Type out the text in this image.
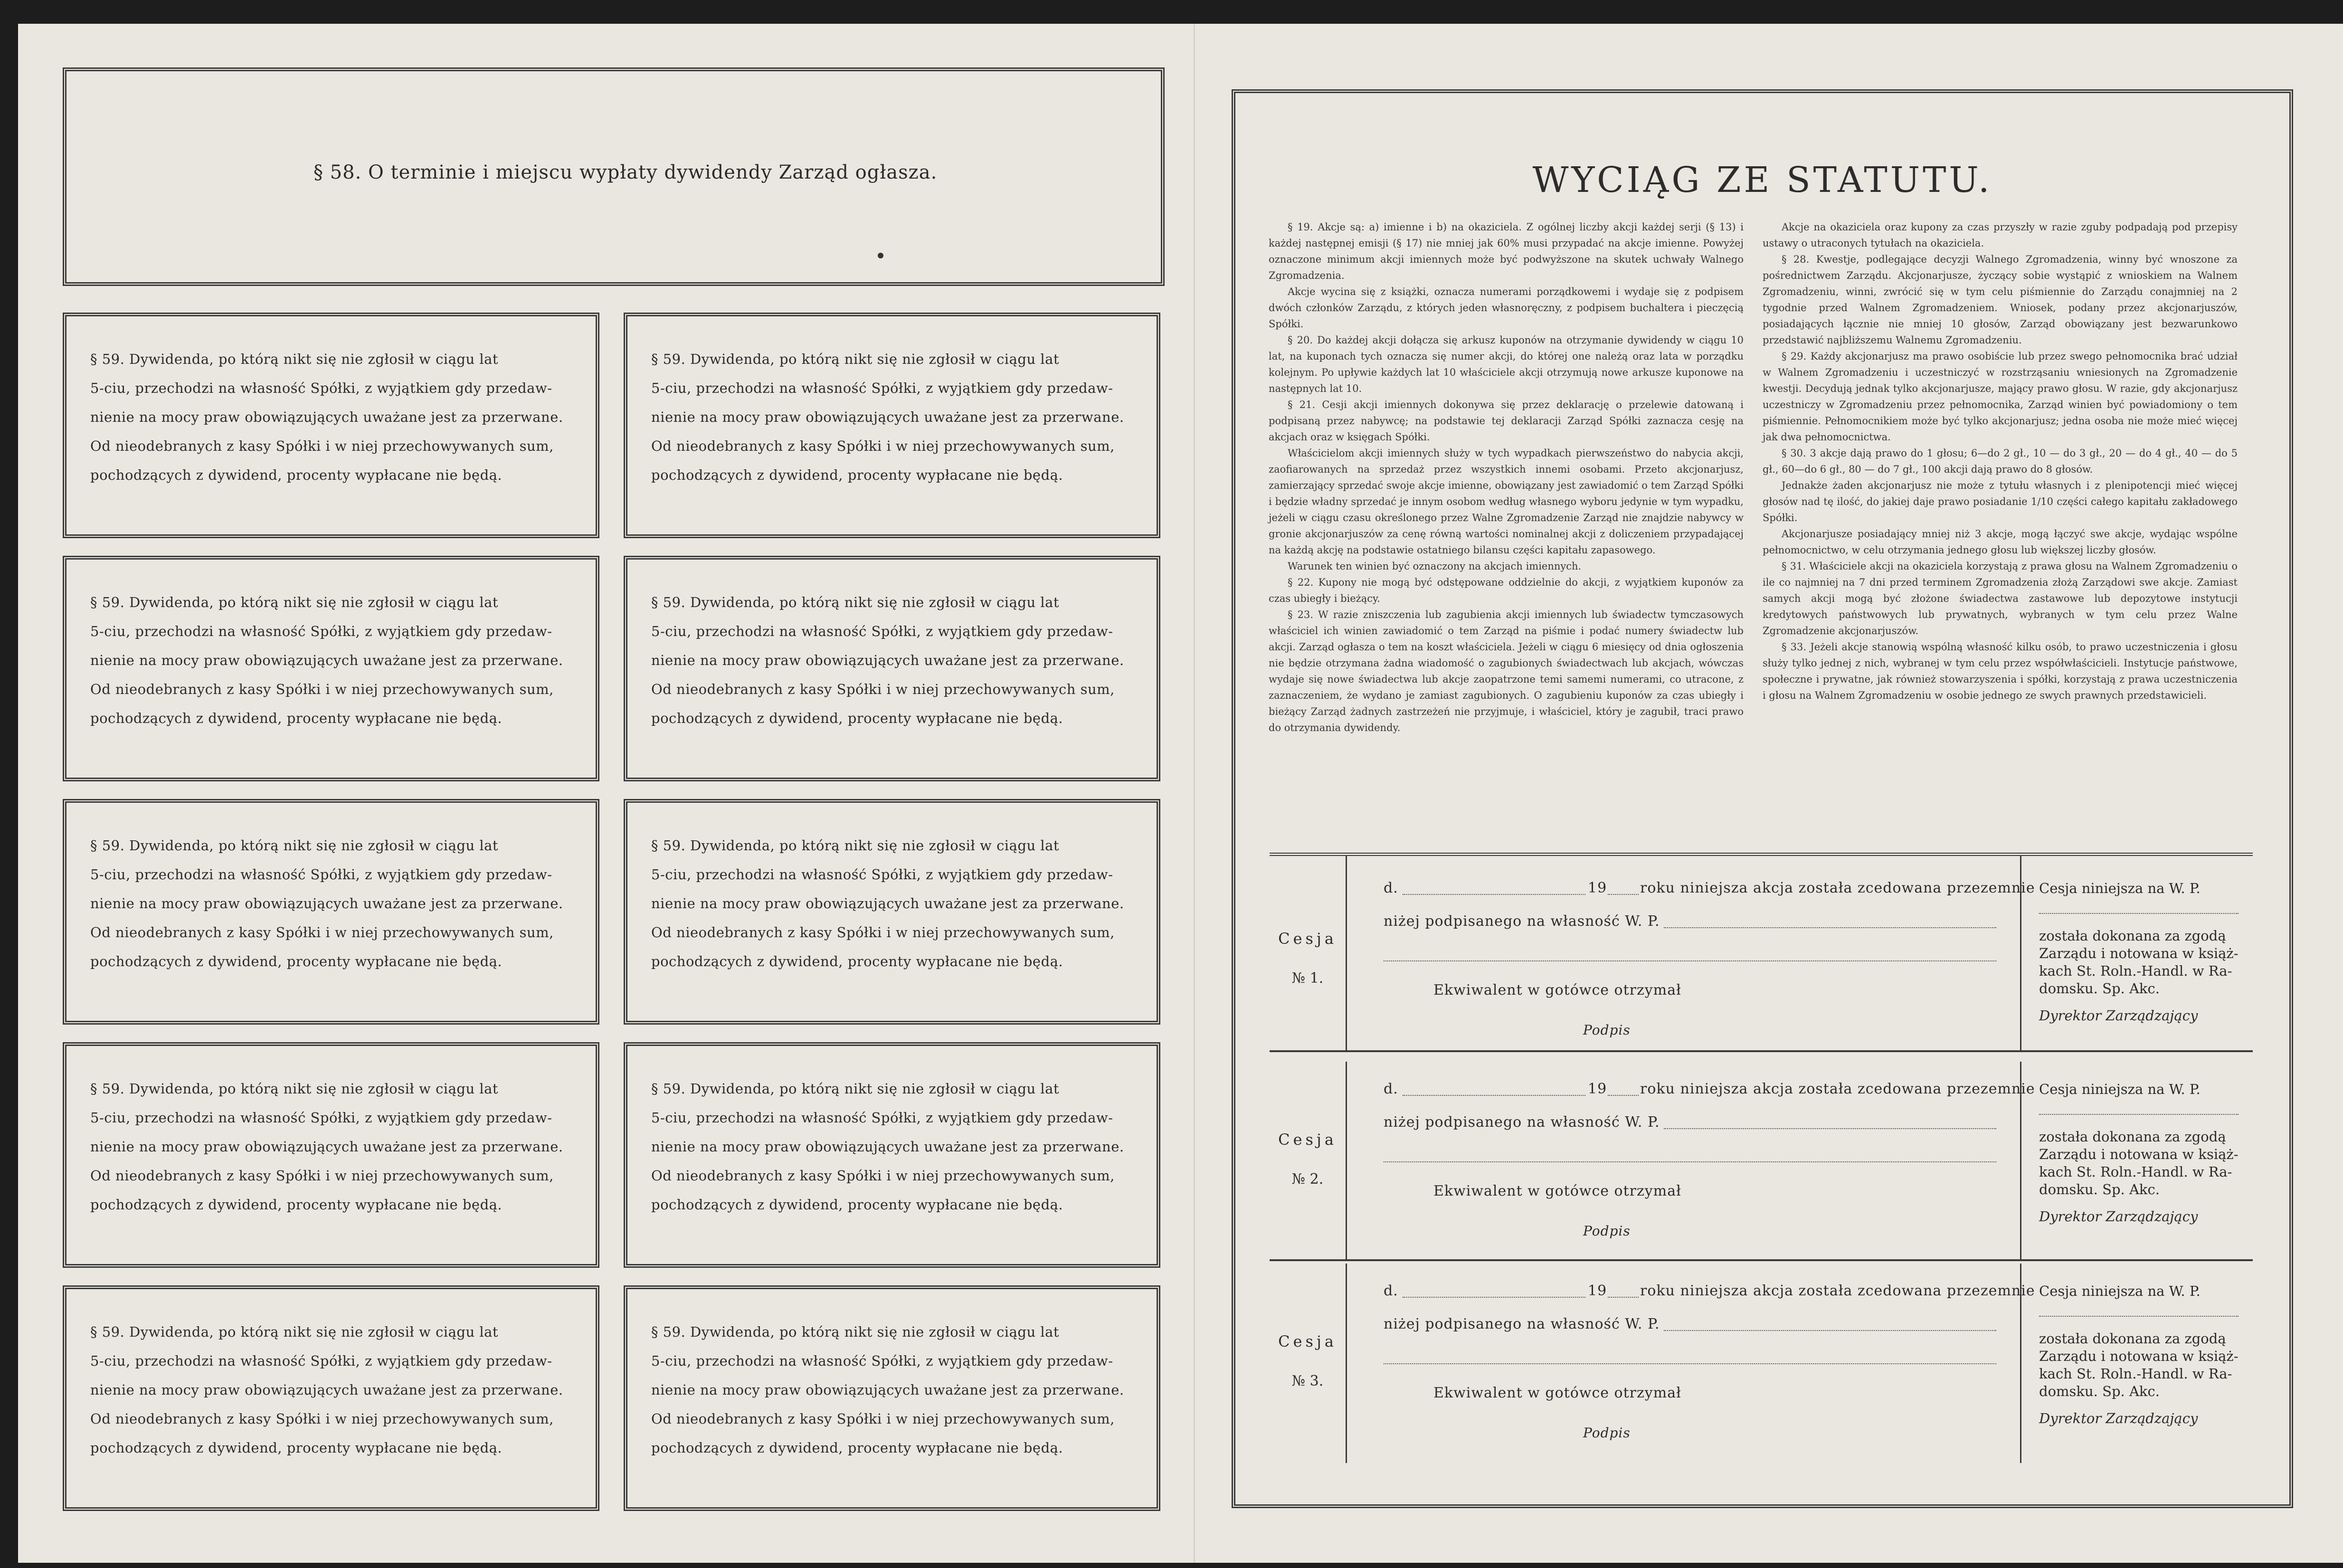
§ 58. O terminie i miejscu wypłaty dywidendy Zarząd ogłasza.
§ 59. Dywidenda, po którą nikt się nie zgłosił w ciągu lat
5-ciu, przechodzi na własność Spółki, z wyjątkiem gdy przedaw-
nienie na mocy praw obowiązujących uważane jest za przerwane.
Od nieodebranych z kasy Spółki i w niej przechowywanych sum,
pochodzących z dywidend, procenty wypłacane nie będą.
§ 59. Dywidenda, po którą nikt się nie zgłosił w ciągu lat
5-ciu, przechodzi na własność Spółki, z wyjątkiem gdy przedaw-
nienie na mocy praw obowiązujących uważane jest za przerwane.
Od nieodebranych z kasy Spółki i w niej przechowywanych sum,
pochodzących z dywidend, procenty wypłacane nie będą.
§ 59. Dywidenda, po którą nikt się nie zgłosił w ciągu lat
5-ciu, przechodzi na własność Spółki, z wyjątkiem gdy przedaw-
nienie na mocy praw obowiązujących uważane jest za przerwane.
Od nieodebranych z kasy Spółki i w niej przechowywanych sum,
pochodzących z dywidend, procenty wypłacane nie będą.
§ 59. Dywidenda, po którą nikt się nie zgłosił w ciągu lat
5-ciu, przechodzi na własność Spółki, z wyjątkiem gdy przedaw-
nienie na mocy praw obowiązujących uważane jest za przerwane.
Od nieodebranych z kasy Spółki i w niej przechowywanych sum,
pochodzących z dywidend, procenty wypłacane nie będą.
§ 59. Dywidenda, po którą nikt się nie zgłosił w ciągu lat
5-ciu, przechodzi na własność Spółki, z wyjątkiem gdy przedaw-
nienie na mocy praw obowiązujących uważane jest za przerwane.
Od nieodebranych z kasy Spółki i w niej przechowywanych sum,
pochodzących z dywidend, procenty wypłacane nie będą.
§ 59. Dywidenda, po którą nikt się nie zgłosił w ciągu lat
5-ciu, przechodzi na własność Spółki, z wyjątkiem gdy przedaw-
nienie na mocy praw obowiązujących uważane jest za przerwane.
Od nieodebranych z kasy Spółki i w niej przechowywanych sum,
pochodzących z dywidend, procenty wypłacane nie będą.
§ 59. Dywidenda, po którą nikt się nie zgłosił w ciągu lat
5-ciu, przechodzi na własność Spółki, z wyjątkiem gdy przedaw-
nienie na mocy praw obowiązujących uważane jest za przerwane.
Od nieodebranych z kasy Spółki i w niej przechowywanych sum,
pochodzących z dywidend, procenty wypłacane nie będą.
§ 59. Dywidenda, po którą nikt się nie zgłosił w ciągu lat
5-ciu, przechodzi na własność Spółki, z wyjątkiem gdy przedaw-
nienie na mocy praw obowiązujących uważane jest za przerwane.
Od nieodebranych z kasy Spółki i w niej przechowywanych sum,
pochodzących z dywidend, procenty wypłacane nie będą.
§ 59. Dywidenda, po którą nikt się nie zgłosił w ciągu lat
5-ciu, przechodzi na własność Spółki, z wyjątkiem gdy przedaw-
nienie na mocy praw obowiązujących uważane jest za przerwane.
Od nieodebranych z kasy Spółki i w niej przechowywanych sum,
pochodzących z dywidend, procenty wypłacane nie będą.
§ 59. Dywidenda, po którą nikt się nie zgłosił w ciągu lat
5-ciu, przechodzi na własność Spółki, z wyjątkiem gdy przedaw-
nienie na mocy praw obowiązujących uważane jest za przerwane.
Od nieodebranych z kasy Spółki i w niej przechowywanych sum,
pochodzących z dywidend, procenty wypłacane nie będą.
WYCIĄG ZE STATUTU.

§ 19. Akcje są: a) imienne i b) na okaziciela. Z ogólnej liczby akcji każdej serji (§ 13) i każdej następnej emisji (§ 17) nie mniej jak 60% musi przypadać na akcje imienne. Powyżej oznaczone minimum akcji imiennych może być podwyższone na skutek uchwały Walnego Zgromadzenia.

Akcje wycina się z książki, oznacza numerami porządkowemi i wydaje się z podpisem dwóch członków Zarządu, z których jeden własnoręczny, z podpisem buchaltera i pieczęcią Spółki.

§ 20. Do każdej akcji dołącza się arkusz kuponów na otrzymanie dywidendy w ciągu 10 lat, na kuponach tych oznacza się numer akcji, do której one należą oraz lata w porządku kolejnym. Po upływie każdych lat 10 właściciele akcji otrzymują nowe arkusze kuponowe na następnych lat 10.

§ 21. Cesji akcji imiennych dokonywa się przez deklarację o przelewie datowaną i podpisaną przez nabywcę; na podstawie tej deklaracji Zarząd Spółki zaznacza cesję na akcjach oraz w księgach Spółki.

Właścicielom akcji imiennych służy w tych wypadkach pierwszeństwo do nabycia akcji, zaofiarowanych na sprzedaż przez wszystkich innemi osobami. Przeto akcjonarjusz, zamierzający sprzedać swoje akcje imienne, obowiązany jest zawiadomić o tem Zarząd Spółki i będzie władny sprzedać je innym osobom według własnego wyboru jedynie w tym wypadku, jeżeli w ciągu czasu określonego przez Walne Zgromadzenie Zarząd nie znajdzie nabywcy w gronie akcjonarjuszów za cenę równą wartości nominalnej akcji z doliczeniem przypadającej na każdą akcję na podstawie ostatniego bilansu części kapitału zapasowego.

Warunek ten winien być oznaczony na akcjach imiennych.

§ 22. Kupony nie mogą być odstępowane oddzielnie do akcji, z wyjątkiem kuponów za czas ubiegły i bieżący.

§ 23. W razie zniszczenia lub zagubienia akcji imiennych lub świadectw tymczasowych właściciel ich winien zawiadomić o tem Zarząd na piśmie i podać numery świadectw lub akcji. Zarząd ogłasza o tem na koszt właściciela. Jeżeli w ciągu 6 miesięcy od dnia ogłoszenia nie będzie otrzymana żadna wiadomość o zagubionych świadectwach lub akcjach, wówczas wydaje się nowe świadectwa lub akcje zaopatrzone temi samemi numerami, co utracone, z zaznaczeniem, że wydano je zamiast zagubionych. O zagubieniu kuponów za czas ubiegły i bieżący Zarząd żadnych zastrzeżeń nie przyjmuje, i właściciel, który je zagubił, traci prawo do otrzymania dywidendy.

Akcje na okaziciela oraz kupony za czas przyszły w razie zguby podpadają pod przepisy ustawy o utraconych tytułach na okaziciela.

§ 28. Kwestje, podlegające decyzji Walnego Zgromadzenia, winny być wnoszone za pośrednictwem Zarządu. Akcjonarjusze, życzący sobie wystąpić z wnioskiem na Walnem Zgromadzeniu, winni, zwrócić się w tym celu piśmiennie do Zarządu conajmniej na 2 tygodnie przed Walnem Zgromadzeniem. Wniosek, podany przez akcjonarjuszów, posiadających łącznie nie mniej 10 głosów, Zarząd obowiązany jest bezwarunkowo przedstawić najbliższemu Walnemu Zgromadzeniu.

§ 29. Każdy akcjonarjusz ma prawo osobiście lub przez swego pełnomocnika brać udział w Walnem Zgromadzeniu i uczestniczyć w rozstrząsaniu wniesionych na Zgromadzenie kwestji. Decydują jednak tylko akcjonarjusze, mający prawo głosu. W razie, gdy akcjonarjusz uczestniczy w Zgromadzeniu przez pełnomocnika, Zarząd winien być powiadomiony o tem piśmiennie. Pełnomocnikiem może być tylko akcjonarjusz; jedna osoba nie może mieć więcej jak dwa pełnomocnictwa.

§ 30. 3 akcje dają prawo do 1 głosu; 6—do 2 gł., 10 — do 3 gł., 20 — do 4 gł., 40 — do 5 gł., 60—do 6 gł., 80 — do 7 gł., 100 akcji dają prawo do 8 głosów.

Jednakże żaden akcjonarjusz nie może z tytułu własnych i z plenipotencji mieć więcej głosów nad tę ilość, do jakiej daje prawo posiadanie 1/10 części całego kapitału zakładowego Spółki.

Akcjonarjusze posiadający mniej niż 3 akcje, mogą łączyć swe akcje, wydając wspólne pełnomocnictwo, w celu otrzymania jednego głosu lub większej liczby głosów.

§ 31. Właściciele akcji na okaziciela korzystają z prawa głosu na Walnem Zgromadzeniu o ile co najmniej na 7 dni przed terminem Zgromadzenia złożą Zarządowi swe akcje. Zamiast samych akcji mogą być złożone świadectwa zastawowe lub depozytowe instytucji kredytowych państwowych lub prywatnych, wybranych w tym celu przez Walne Zgromadzenie akcjonarjuszów.

§ 33. Jeżeli akcje stanowią wspólną własność kilku osób, to prawo uczestniczenia i głosu służy tylko jednej z nich, wybranej w tym celu przez współwłaścicieli. Instytucje państwowe, społeczne i prywatne, jak również stowarzyszenia i spółki, korzystają z prawa uczestniczenia i głosu na Walnem Zgromadzeniu w osobie jednego ze swych prawnych przedstawicieli.

Cesja
№ 1.
d.	19 roku niniejsza akcja została zcedowana przezemnie
niżej podpisanego na własność W. P.
Ekwiwalent w gotówce otrzymał
Podpis
Cesja niniejsza na W. P.
została dokonana za zgodą
Zarządu i notowana w książ-
kach St. Roln.-Handl. w Ra-
domsku. Sp. Akc.
Dyrektor Zarządzający
Cesja
№ 2.
d.	19 roku niniejsza akcja została zcedowana przezemnie
niżej podpisanego na własność W. P.
Ekwiwalent w gotówce otrzymał
Podpis
Cesja niniejsza na W. P.
została dokonana za zgodą
Zarządu i notowana w książ-
kach St. Roln.-Handl. w Ra-
domsku. Sp. Akc.
Dyrektor Zarządzający
Cesja
№ 3.
d.	19 roku niniejsza akcja została zcedowana przezemnie
niżej podpisanego na własność W. P.
Ekwiwalent w gotówce otrzymał
Podpis
Cesja niniejsza na W. P.
została dokonana za zgodą
Zarządu i notowana w książ-
kach St. Roln.-Handl. w Ra-
domsku. Sp. Akc.
Dyrektor Zarządzający
